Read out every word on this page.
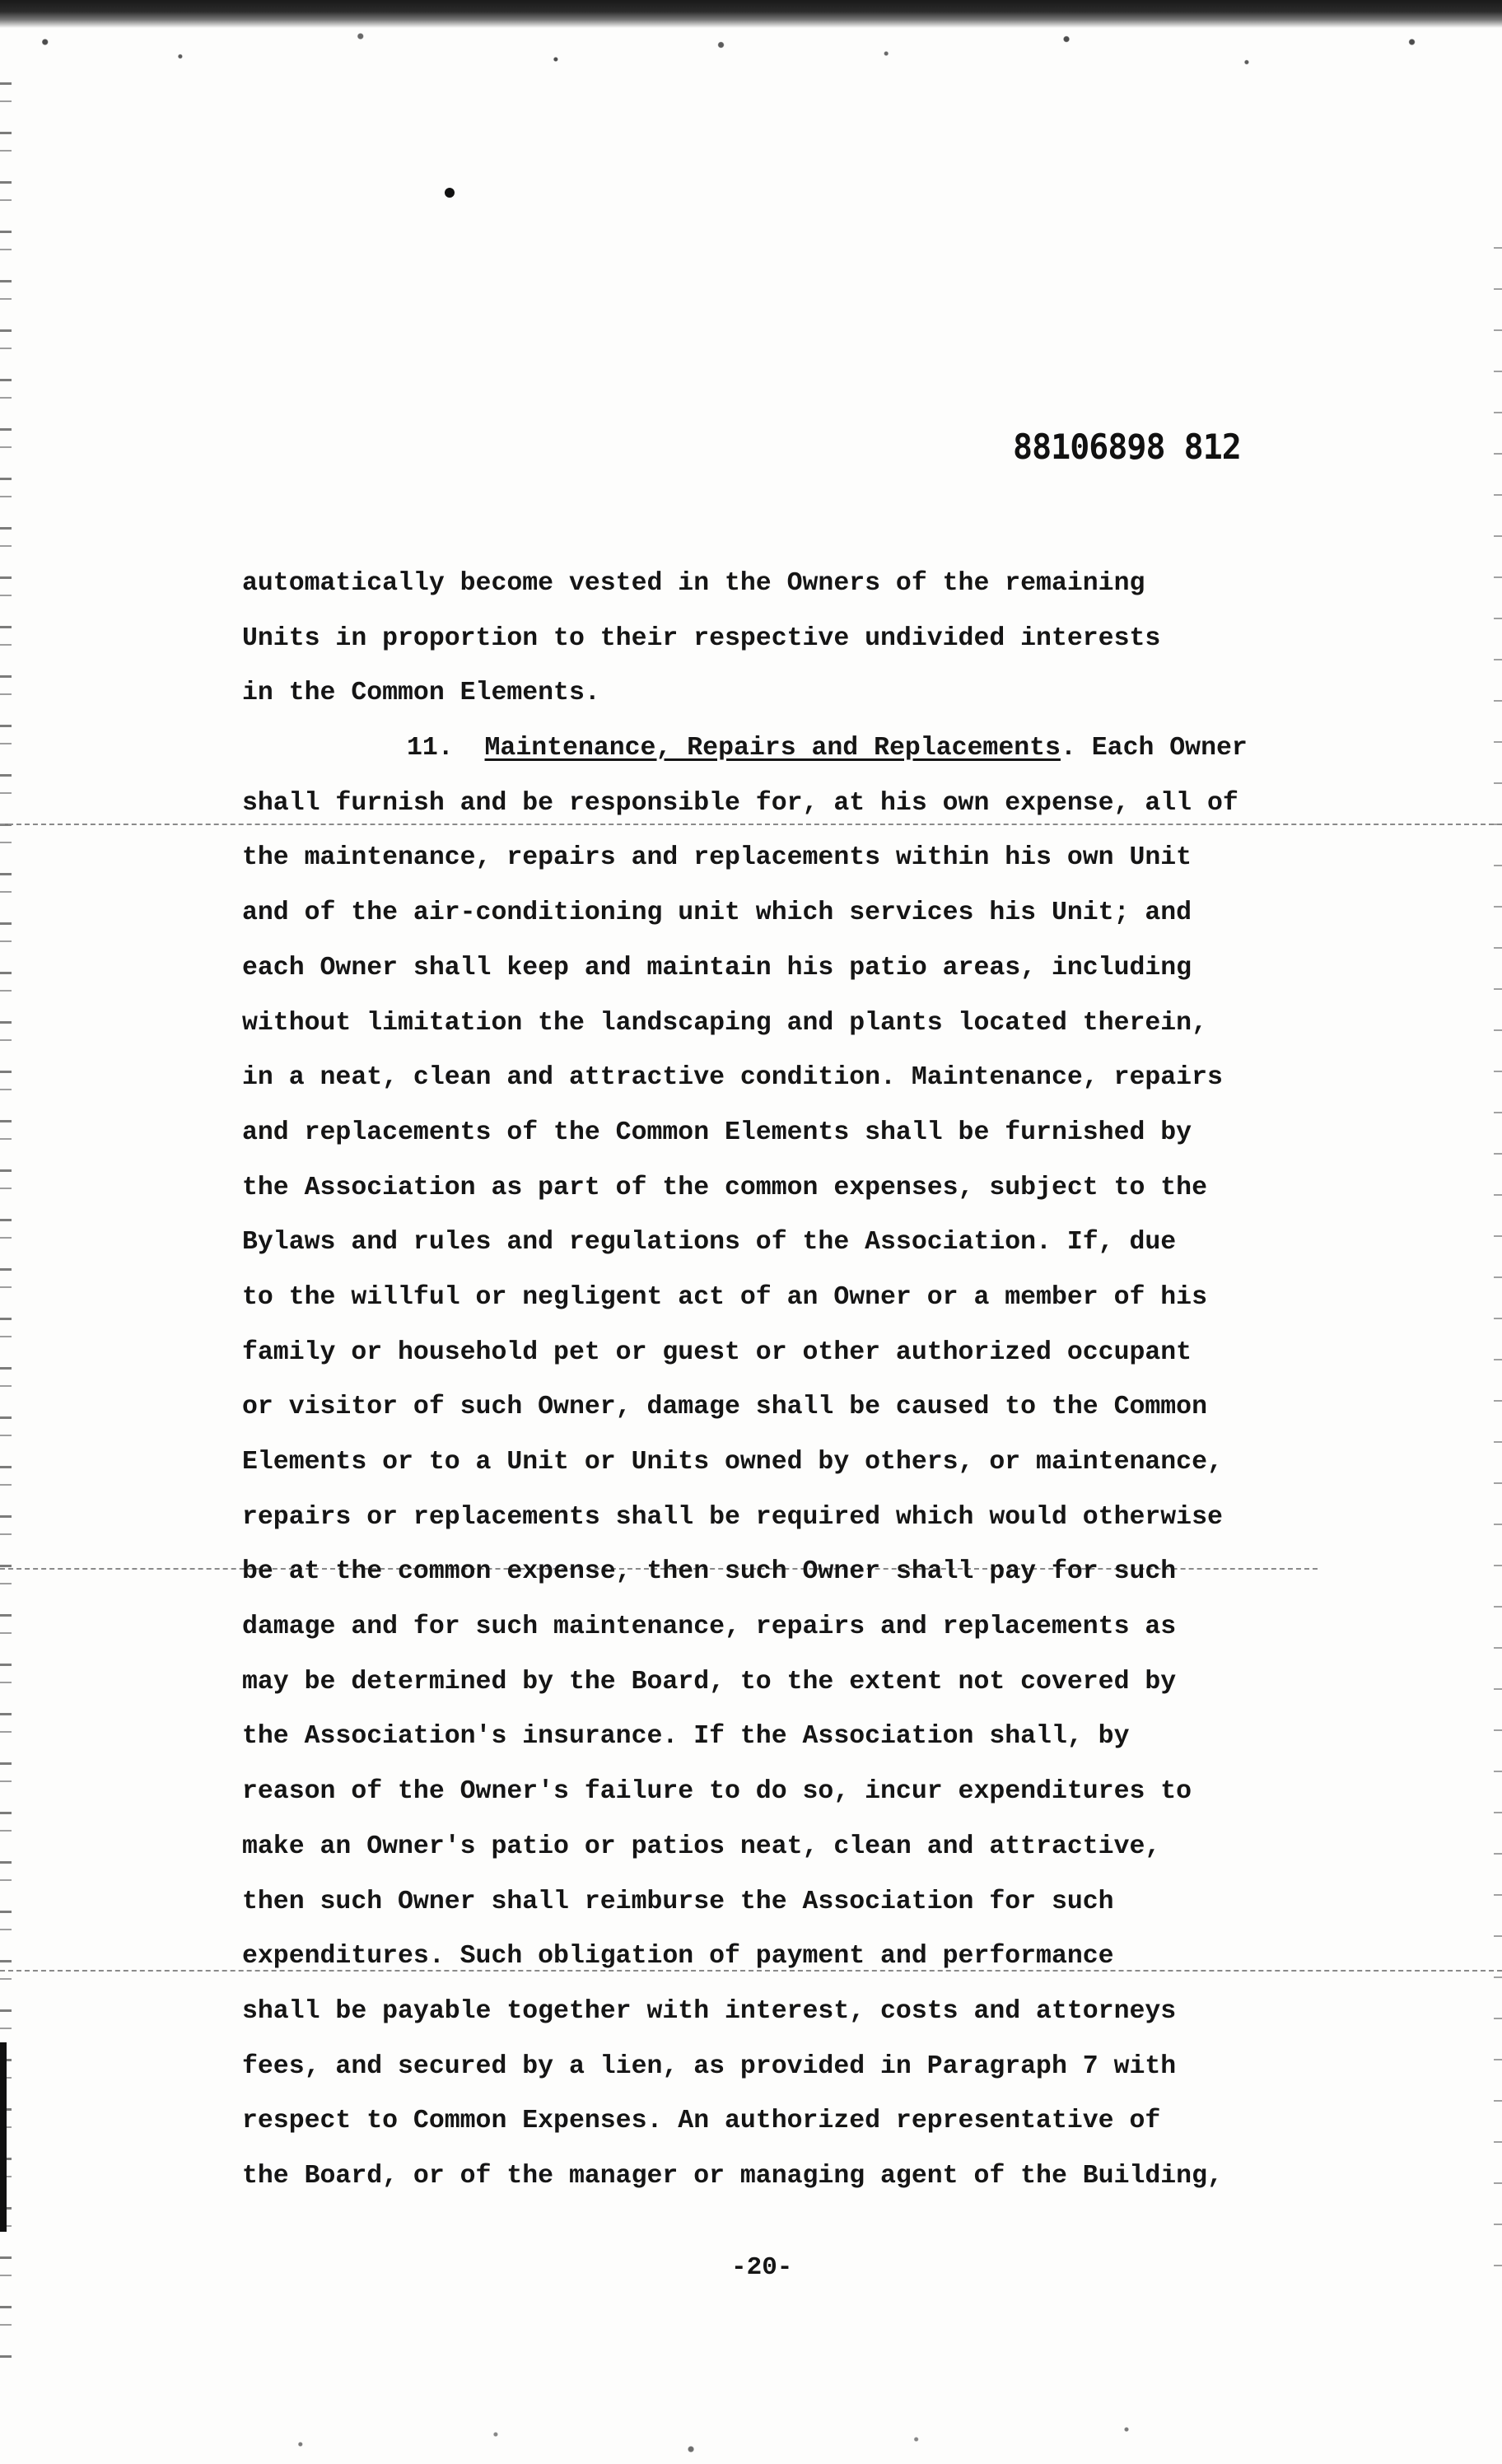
88106898 812
automatically become vested in the Owners of the remaining
Units in proportion to their respective undivided interests
in the Common Elements.
11. Maintenance, Repairs and Replacements. Each Owner
shall furnish and be responsible for, at his own expense, all of
the maintenance, repairs and replacements within his own Unit
and of the air-conditioning unit which services his Unit; and
each Owner shall keep and maintain his patio areas, including
without limitation the landscaping and plants located therein,
in a neat, clean and attractive condition. Maintenance, repairs
and replacements of the Common Elements shall be furnished by
the Association as part of the common expenses, subject to the
Bylaws and rules and regulations of the Association. If, due
to the willful or negligent act of an Owner or a member of his
family or household pet or guest or other authorized occupant
or visitor of such Owner, damage shall be caused to the Common
Elements or to a Unit or Units owned by others, or maintenance,
repairs or replacements shall be required which would otherwise
be at the common expense, then such Owner shall pay for such
damage and for such maintenance, repairs and replacements as
may be determined by the Board, to the extent not covered by
the Association's insurance. If the Association shall, by
reason of the Owner's failure to do so, incur expenditures to
make an Owner's patio or patios neat, clean and attractive,
then such Owner shall reimburse the Association for such
expenditures. Such obligation of payment and performance
shall be payable together with interest, costs and attorneys
fees, and secured by a lien, as provided in Paragraph 7 with
respect to Common Expenses. An authorized representative of
the Board, or of the manager or managing agent of the Building,
-20-
